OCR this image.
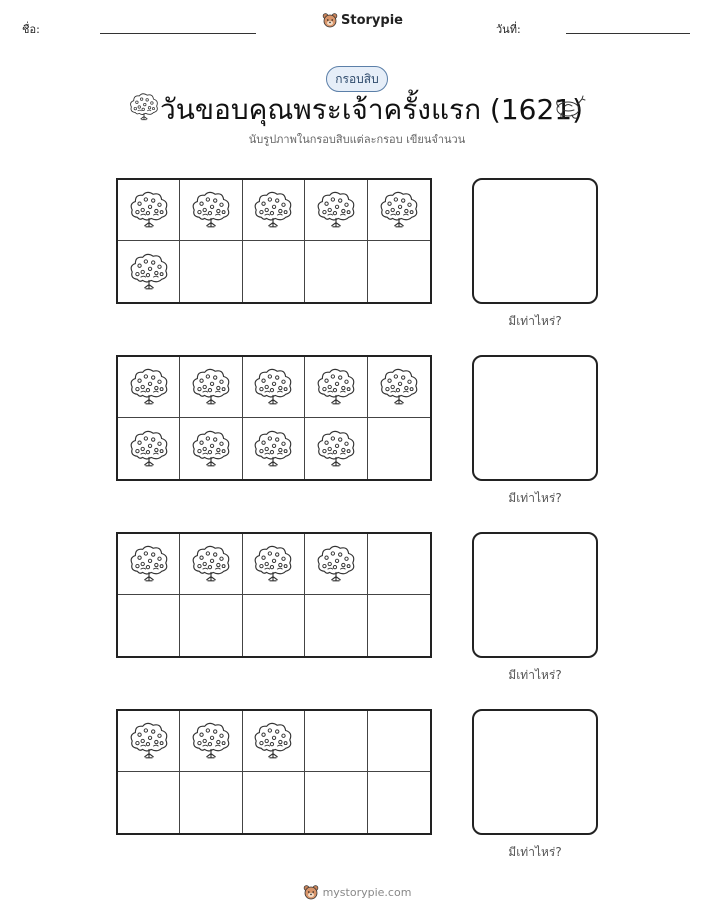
ชื่อ:
Storypie
วันที่:
กรอบสิบ
วันขอบคุณพระเจ้าครั้งแรก (1621)
นับรูปภาพในกรอบสิบแต่ละกรอบ เขียนจำนวน
มีเท่าไหร่?
มีเท่าไหร่?
มีเท่าไหร่?
มีเท่าไหร่?
mystorypie.com
